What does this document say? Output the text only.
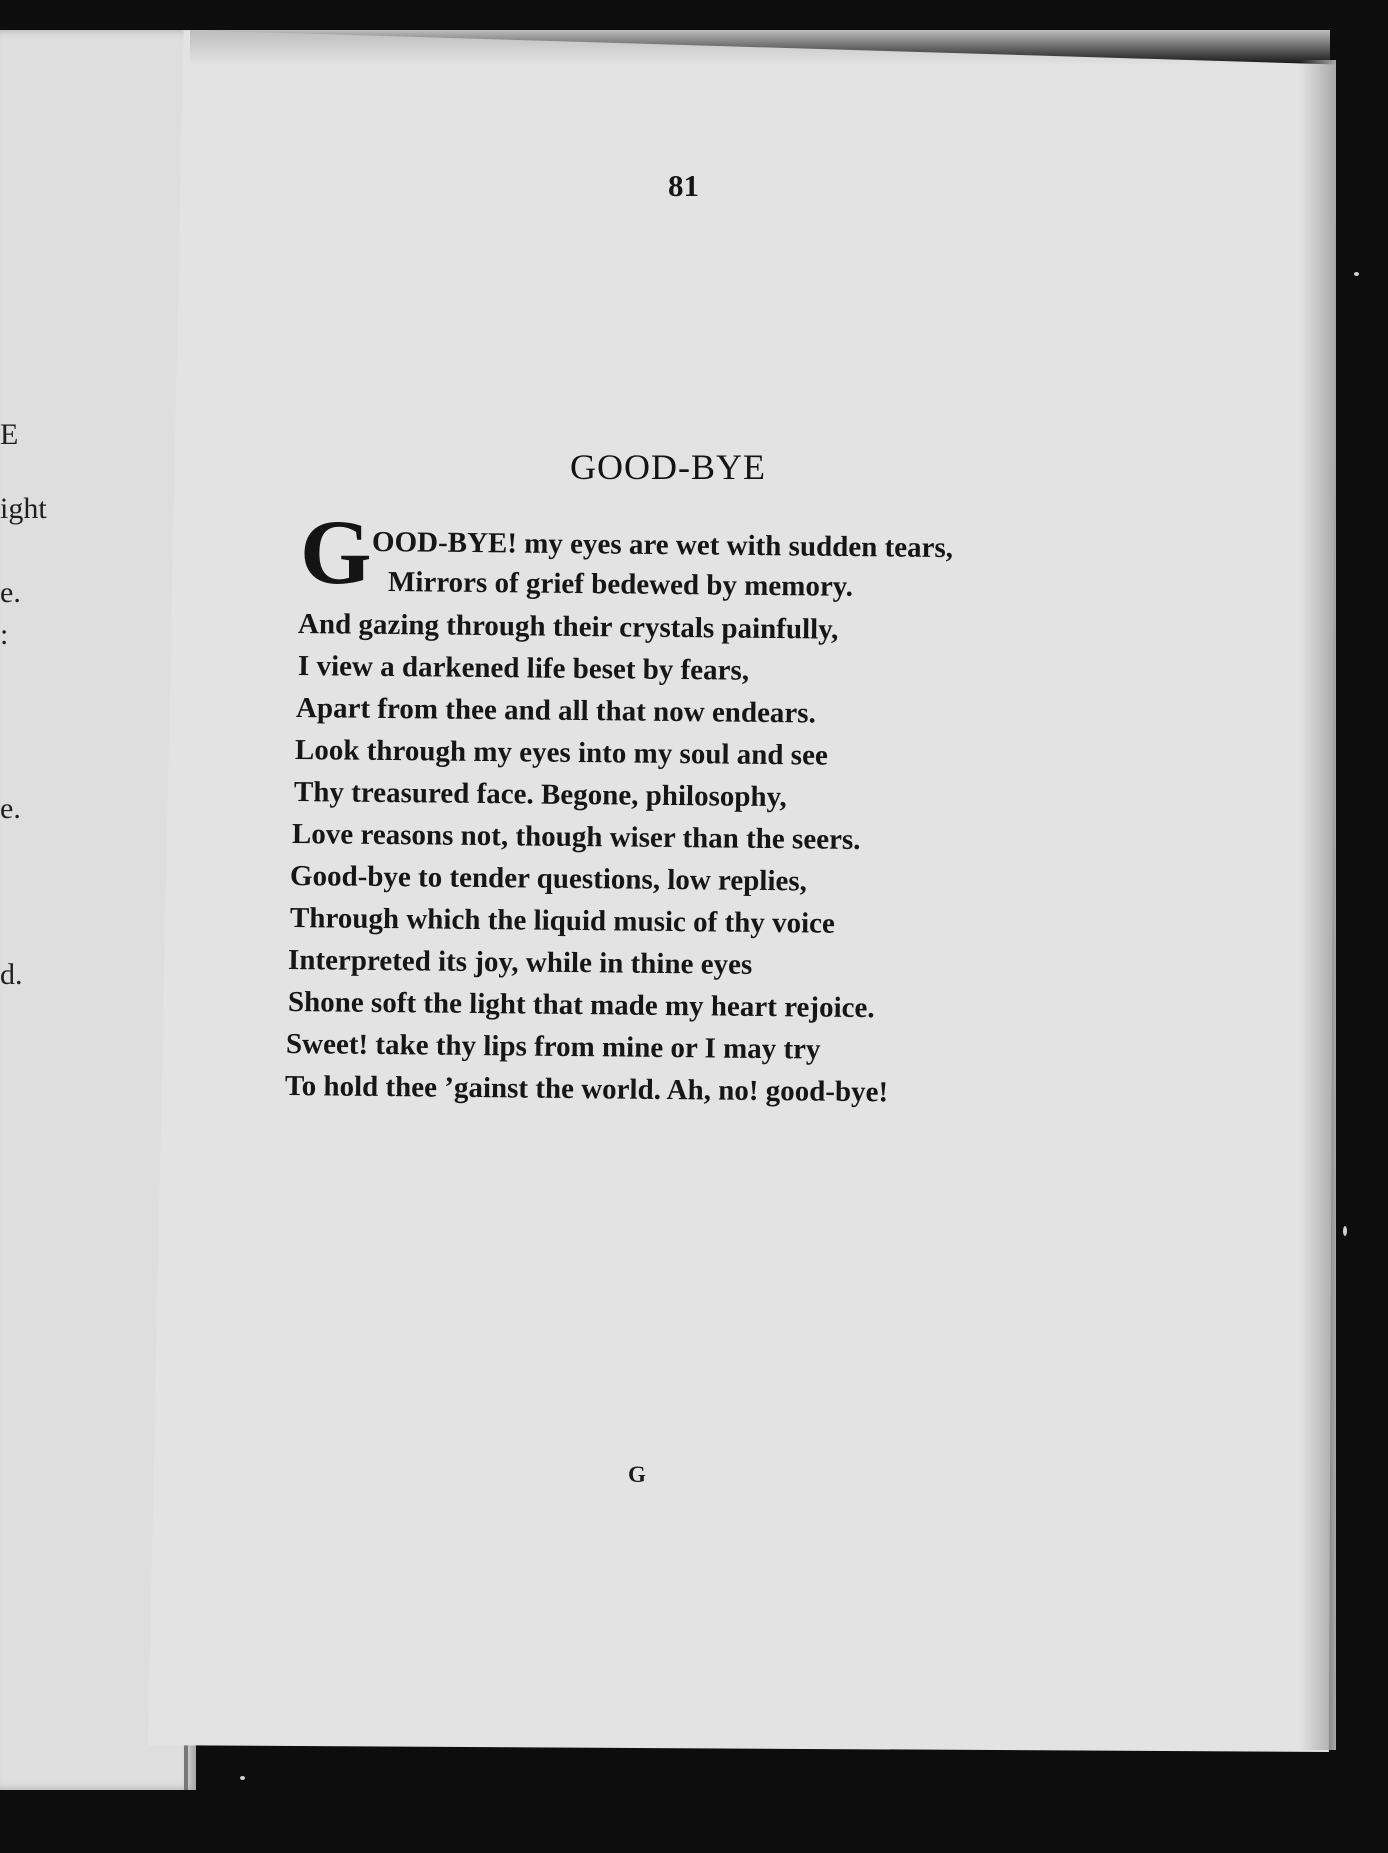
E
ight
e.
:
e.
d.
81
GOOD-BYE
G OOD-BYE! my eyes are wet with sudden tears,
Mirrors of grief bedewed by memory.
And gazing through their crystals painfully,
I view a darkened life beset by fears,
Apart from thee and all that now endears.
Look through my eyes into my soul and see
Thy treasured face. Begone, philosophy,
Love reasons not, though wiser than the seers.
Good-bye to tender questions, low replies,
Through which the liquid music of thy voice
Interpreted its joy, while in thine eyes
Shone soft the light that made my heart rejoice.
Sweet! take thy lips from mine or I may try
To hold thee ’gainst the world. Ah, no! good-bye!
G
